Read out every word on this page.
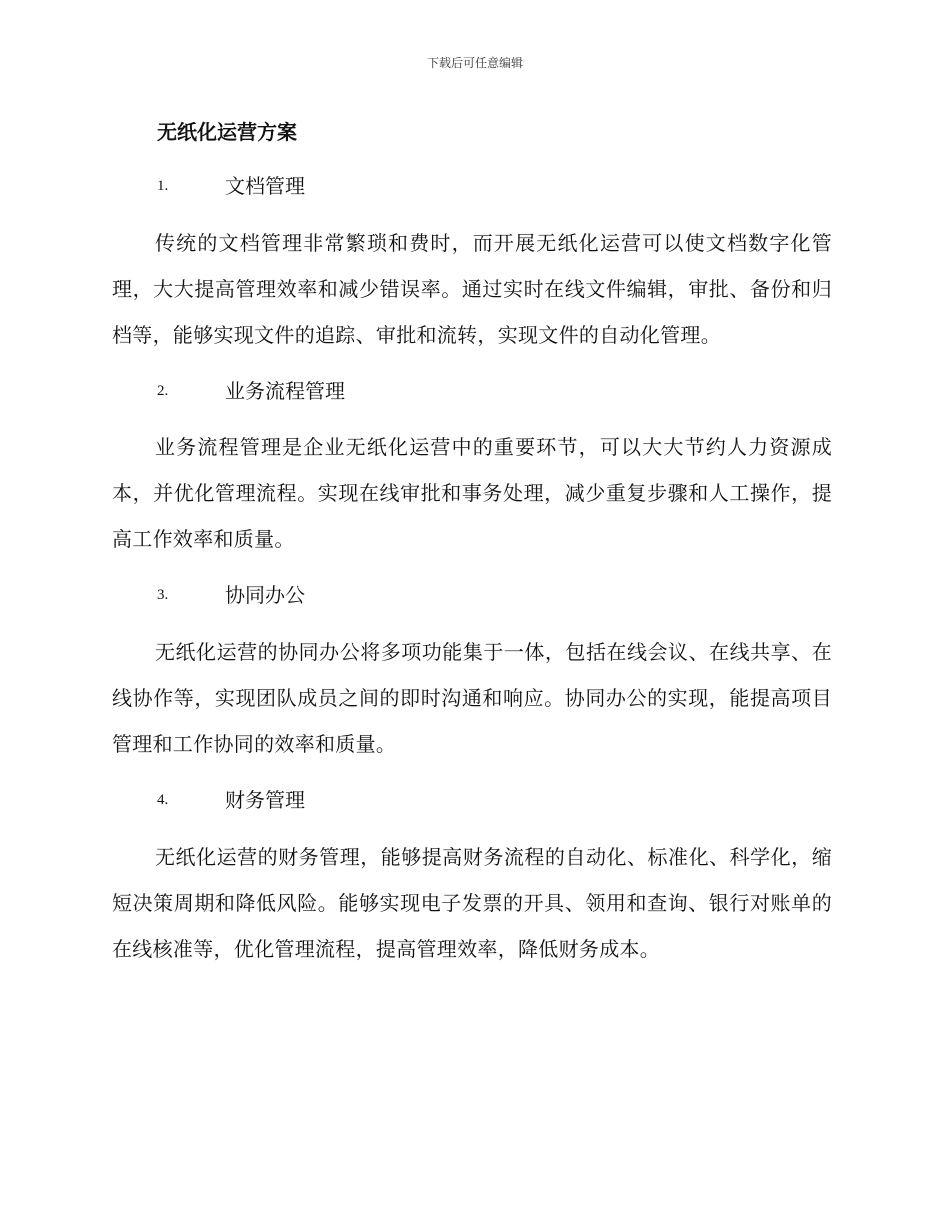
下载后可任意编辑
无纸化运营方案
1.	文档管理

传统的文档管理非常繁琐和费时，而开展无纸化运营可以使文档数字化管理，大大提高管理效率和减少错误率。通过实时在线文件编辑，审批、备份和归档等，能够实现文件的追踪、审批和流转，实现文件的自动化管理。

2.	业务流程管理

业务流程管理是企业无纸化运营中的重要环节，可以大大节约人力资源成本，并优化管理流程。实现在线审批和事务处理，减少重复步骤和人工操作，提高工作效率和质量。

3.	协同办公

无纸化运营的协同办公将多项功能集于一体，包括在线会议、在线共享、在线协作等，实现团队成员之间的即时沟通和响应。协同办公的实现，能提高项目管理和工作协同的效率和质量。

4.	财务管理

无纸化运营的财务管理，能够提高财务流程的自动化、标准化、科学化，缩短决策周期和降低风险。能够实现电子发票的开具、领用和查询、银行对账单的在线核准等，优化管理流程，提高管理效率，降低财务成本。
